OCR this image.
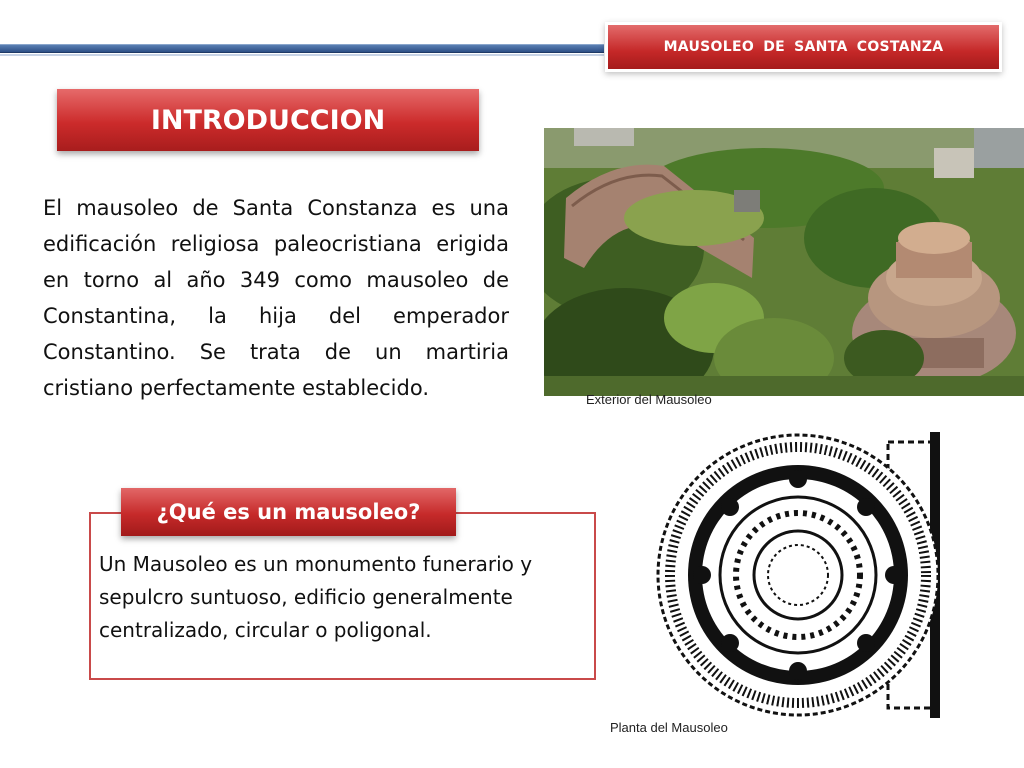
MAUSOLEO DE SANTA COSTANZA
INTRODUCCION
El mausoleo de Santa Constanza es una edificación religiosa paleocristiana erigida en torno al año 349 como mausoleo de Constantina, la hija del emperador Constantino. Se trata de un martiria cristiano perfectamente establecido.	Exterior del Mausoleo
Planta del Mausoleo
¿Qué es un mausoleo?
Un Mausoleo es un monumento funerario y sepulcro suntuoso, edificio generalmente centralizado, circular o poligonal.
